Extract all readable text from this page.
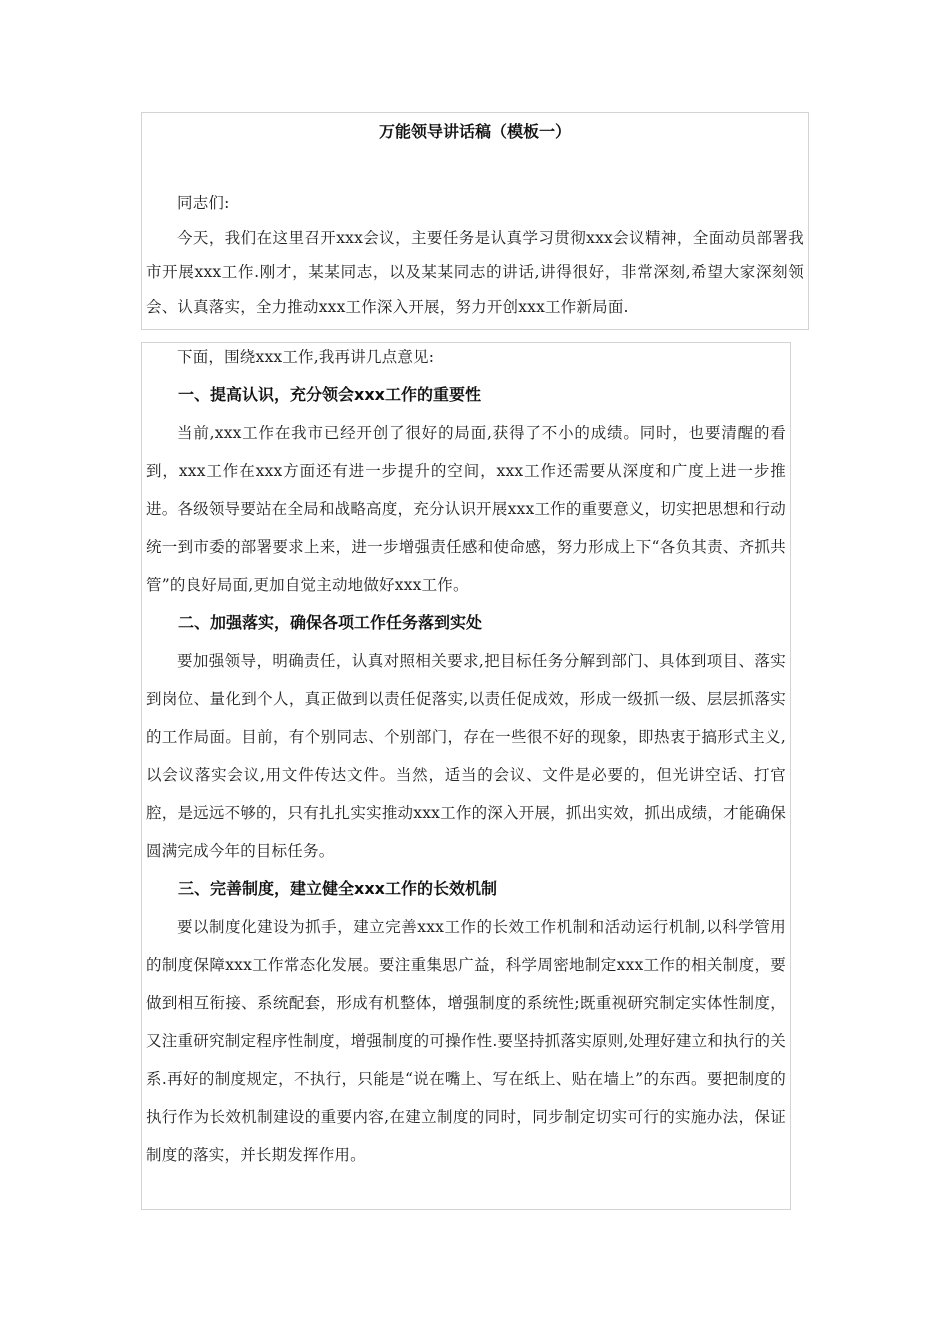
万能领导讲话稿（模板一）

同志们:

今天，我们在这里召开xxx会议，主要任务是认真学习贯彻xxx会议精神，全面动员部署我市开展xxx工作.刚才，某某同志，以及某某同志的讲话,讲得很好，非常深刻,希望大家深刻领会、认真落实，全力推动xxx工作深入开展，努力开创xxx工作新局面.

下面，围绕xxx工作,我再讲几点意见:

一、提高认识，充分领会xxx工作的重要性

当前,xxx工作在我市已经开创了很好的局面,获得了不小的成绩。同时，也要清醒的看到，xxx工作在xxx方面还有进一步提升的空间，xxx工作还需要从深度和广度上进一步推进。各级领导要站在全局和战略高度，充分认识开展xxx工作的重要意义，切实把思想和行动统一到市委的部署要求上来，进一步增强责任感和使命感，努力形成上下“各负其责、齐抓共管”的良好局面,更加自觉主动地做好xxx工作。

二、加强落实，确保各项工作任务落到实处

要加强领导，明确责任，认真对照相关要求,把目标任务分解到部门、具体到项目、落实到岗位、量化到个人，真正做到以责任促落实,以责任促成效，形成一级抓一级、层层抓落实的工作局面。目前，有个别同志、个别部门，存在一些很不好的现象，即热衷于搞形式主义,以会议落实会议,用文件传达文件。当然，适当的会议、文件是必要的，但光讲空话、打官腔，是远远不够的，只有扎扎实实推动xxx工作的深入开展，抓出实效，抓出成绩，才能确保圆满完成今年的目标任务。

三、完善制度，建立健全xxx工作的长效机制

要以制度化建设为抓手，建立完善xxx工作的长效工作机制和活动运行机制,以科学管用的制度保障xxx工作常态化发展。要注重集思广益，科学周密地制定xxx工作的相关制度，要做到相互衔接、系统配套，形成有机整体，增强制度的系统性;既重视研究制定实体性制度，又注重研究制定程序性制度，增强制度的可操作性.要坚持抓落实原则,处理好建立和执行的关系.再好的制度规定，不执行，只能是“说在嘴上、写在纸上、贴在墙上”的东西。要把制度的执行作为长效机制建设的重要内容,在建立制度的同时，同步制定切实可行的实施办法，保证制度的落实，并长期发挥作用。
